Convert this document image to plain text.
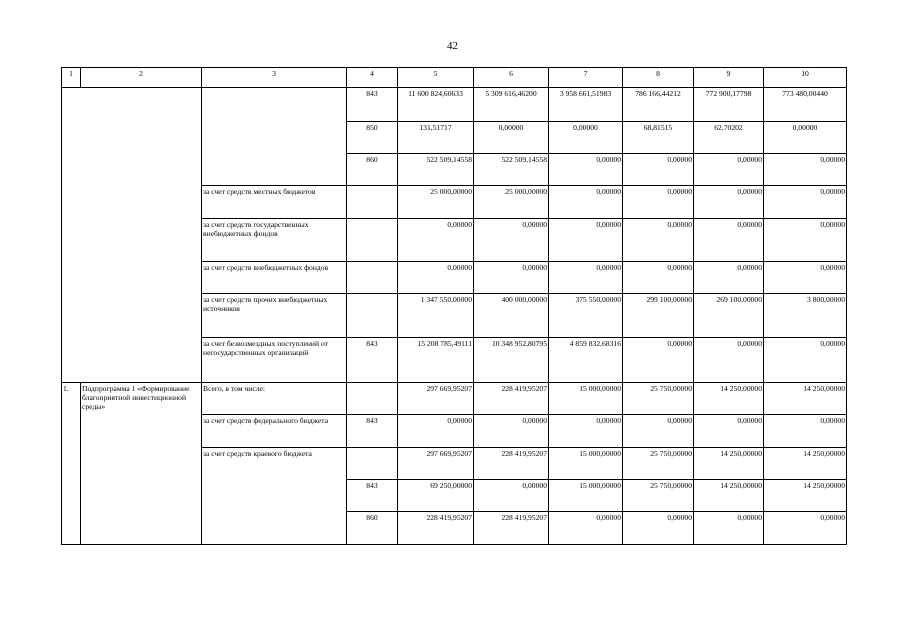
42
1	2	3	4	5	6	7	8	9	10
			843	11 600 824,60633	5 309 616,46200	3 958 661,51983	786 166,44212	772 900,17798	773 480,00440
			850	131,51717	0,00000	0,00000	68,81515	62,70202	0,00000
			860	522 509,14558	522 509,14558	0,00000	0,00000	0,00000	0,00000
		за счет средств местных бюджетов		25 000,00000	25 000,00000	0,00000	0,00000	0,00000	0,00000
		за счет средств государственных внебюджетных фондов		0,00000	0,00000	0,00000	0,00000	0,00000	0,00000
		за счет средств внебюджетных фондов		0,00000	0,00000	0,00000	0,00000	0,00000	0,00000
		за счет средств прочих внебюджетных источников		1 347 550,00000	400 000,00000	375 550,00000	299 100,00000	269 100,00000	3 800,00000
		за счет безвозмездных поступлений от негосударственных организаций	843	15 208 785,49111	10 348 952,80795	4 859 832,68316	0,00000	0,00000	0,00000
1.	Подпрограмма 1 «Формирование благоприятной инвестиционной среды»	Всего, в том числе:		297 669,95207	228 419,95207	15 000,00000	25 750,00000	14 250,00000	14 250,00000
		за счет средств федерального бюджета	843	0,00000	0,00000	0,00000	0,00000	0,00000	0,00000
		за счет средств краевого бюджета		297 669,95207	228 419,95207	15 000,00000	25 750,00000	14 250,00000	14 250,00000
			843	69 250,00000	0,00000	15 000,00000	25 750,00000	14 250,00000	14 250,00000
			860	228 419,95207	228 419,95207	0,00000	0,00000	0,00000	0,00000
